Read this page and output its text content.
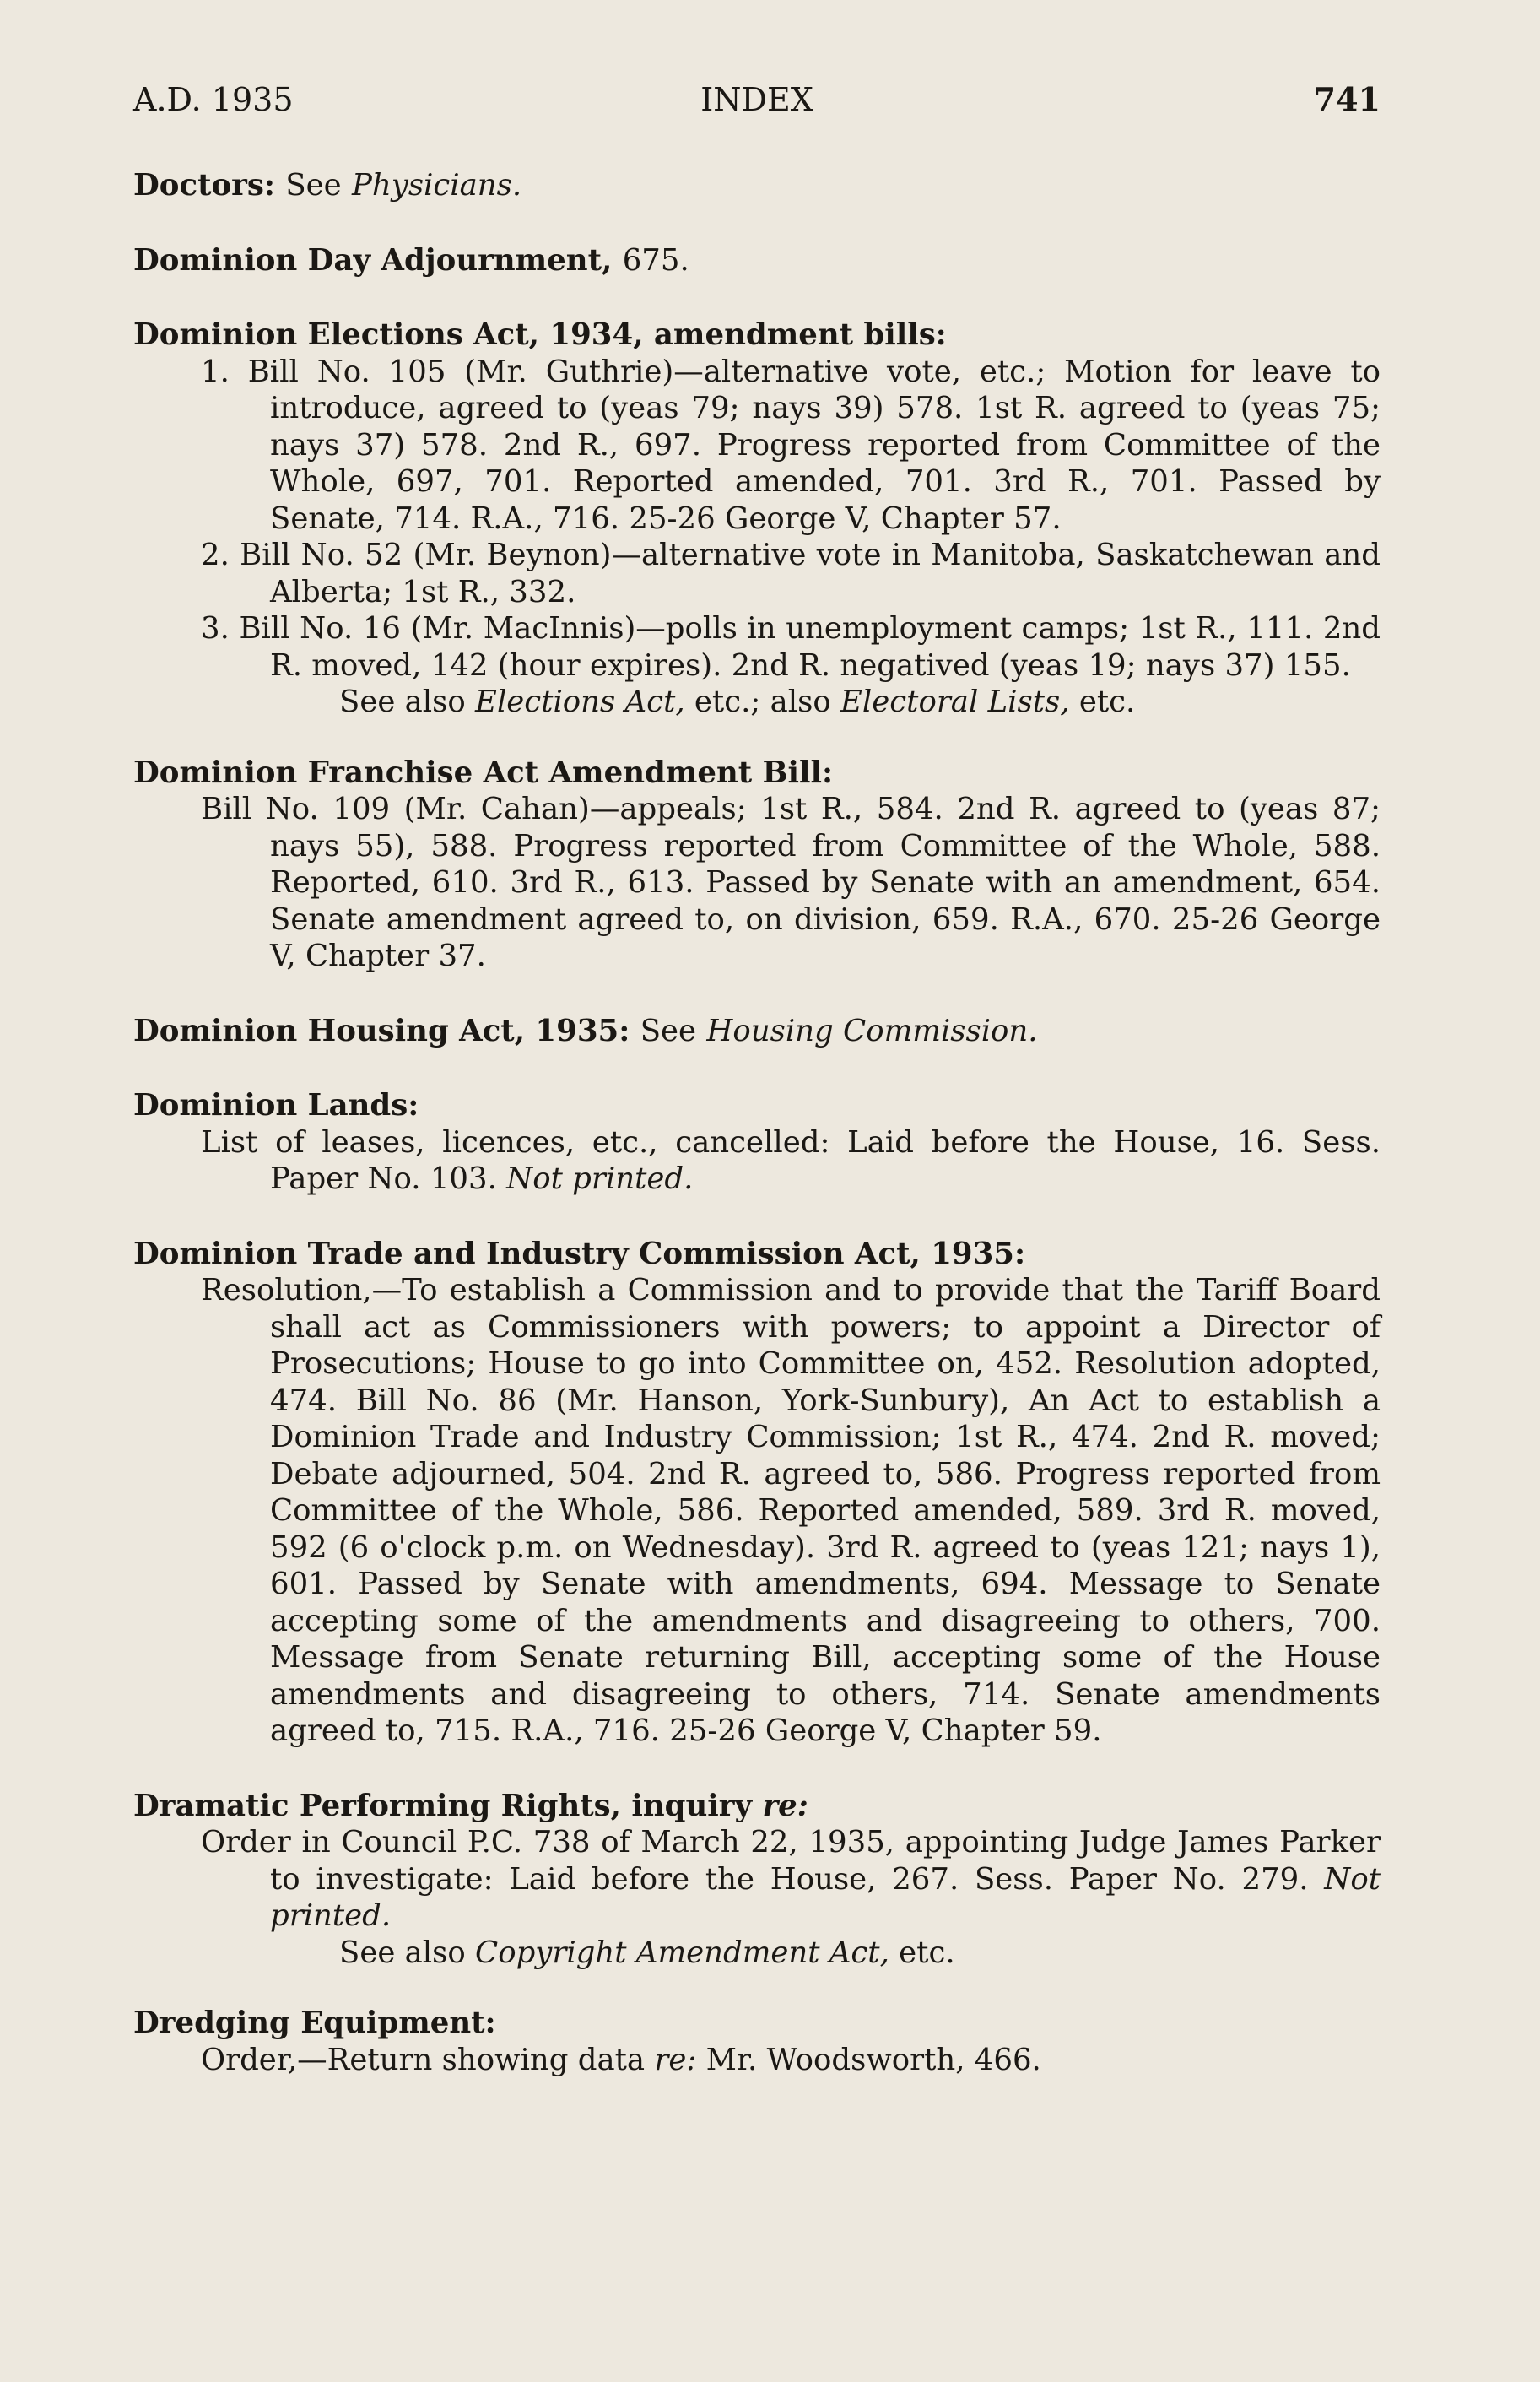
A.D. 1935	INDEX	741
Doctors: See Physicians.
Dominion Day Adjournment, 675.
Dominion Elections Act, 1934, amendment bills:
1. Bill No. 105 (Mr. Guthrie)—alternative vote, etc.; Motion for leave to introduce, agreed to (yeas 79; nays 39) 578. 1st R. agreed to (yeas 75; nays 37) 578. 2nd R., 697. Progress reported from Committee of the Whole, 697, 701. Reported amended, 701. 3rd R., 701. Passed by Senate, 714. R.A., 716. 25-26 George V, Chapter 57.
2. Bill No. 52 (Mr. Beynon)—alternative vote in Manitoba, Saskatchewan and Alberta; 1st R., 332.
3. Bill No. 16 (Mr. MacInnis)—polls in unemployment camps; 1st R., 111. 2nd R. moved, 142 (hour expires). 2nd R. negatived (yeas 19; nays 37) 155.
See also Elections Act, etc.; also Electoral Lists, etc.
Dominion Franchise Act Amendment Bill:
Bill No. 109 (Mr. Cahan)—appeals; 1st R., 584. 2nd R. agreed to (yeas 87; nays 55), 588. Progress reported from Committee of the Whole, 588. Reported, 610. 3rd R., 613. Passed by Senate with an amendment, 654. Senate amendment agreed to, on division, 659. R.A., 670. 25-26 George V, Chapter 37.
Dominion Housing Act, 1935: See Housing Commission.
Dominion Lands:
List of leases, licences, etc., cancelled: Laid before the House, 16. Sess. Paper No. 103. Not printed.
Dominion Trade and Industry Commission Act, 1935:
Resolution,—To establish a Commission and to provide that the Tariff Board shall act as Commissioners with powers; to appoint a Director of Prosecutions; House to go into Committee on, 452. Resolution adopted, 474. Bill No. 86 (Mr. Hanson, York-Sunbury), An Act to establish a Dominion Trade and Industry Commission; 1st R., 474. 2nd R. moved; Debate adjourned, 504. 2nd R. agreed to, 586. Progress reported from Committee of the Whole, 586. Reported amended, 589. 3rd R. moved, 592 (6 o'clock p.m. on Wednesday). 3rd R. agreed to (yeas 121; nays 1), 601. Passed by Senate with amendments, 694. Message to Senate accepting some of the amendments and disagreeing to others, 700. Message from Senate returning Bill, accepting some of the House amendments and disagreeing to others, 714. Senate amendments agreed to, 715. R.A., 716. 25-26 George V, Chapter 59.
Dramatic Performing Rights, inquiry re:
Order in Council P.C. 738 of March 22, 1935, appointing Judge James Parker to investigate: Laid before the House, 267. Sess. Paper No. 279. Not printed.
See also Copyright Amendment Act, etc.
Dredging Equipment:
Order,—Return showing data re: Mr. Woodsworth, 466.
